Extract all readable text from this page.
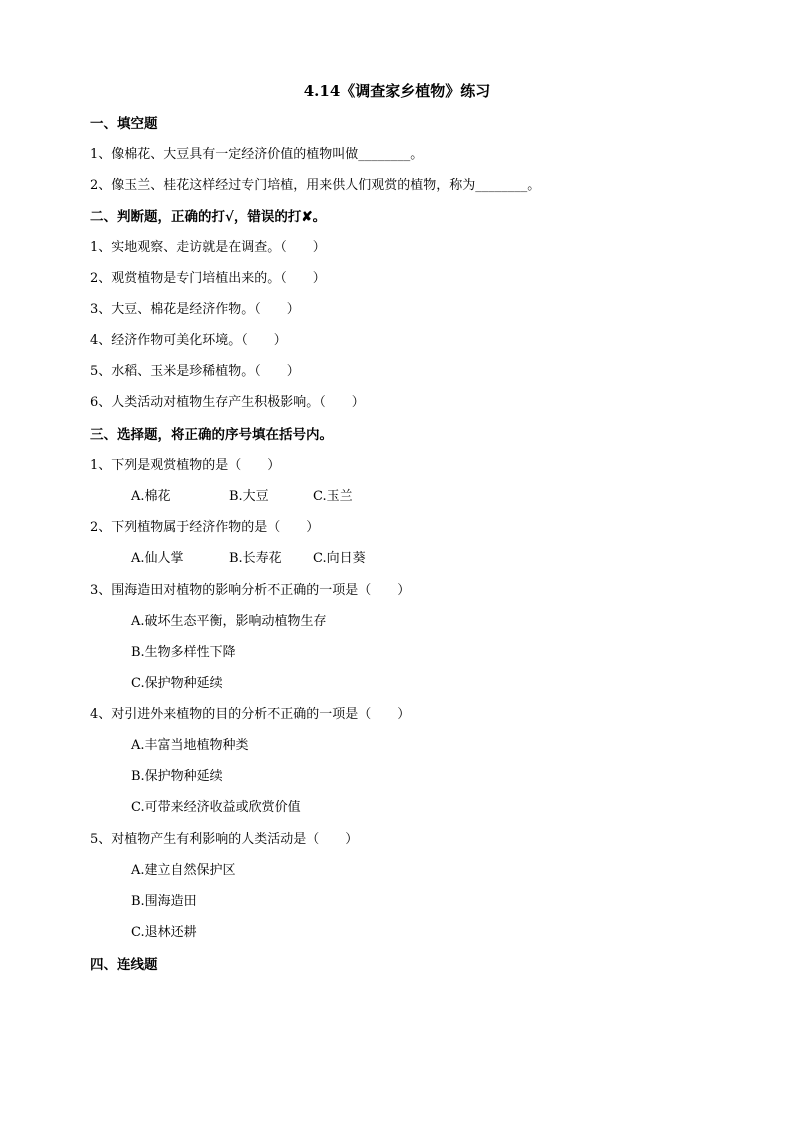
4.14《调查家乡植物》练习
一、填空题
1、像棉花、大豆具有一定经济价值的植物叫做________。
2、像玉兰、桂花这样经过专门培植，用来供人们观赏的植物，称为________。
二、判断题，正确的打√，错误的打✘。
1、实地观察、走访就是在调查。（　　）
2、观赏植物是专门培植出来的。（　　）
3、大豆、棉花是经济作物。（　　）
4、经济作物可美化环境。（　　）
5、水稻、玉米是珍稀植物。（　　）
6、人类活动对植物生存产生积极影响。（　　）
三、选择题，将正确的序号填在括号内。
1、下列是观赏植物的是（　　）
A.棉花	B.大豆	C.玉兰
2、下列植物属于经济作物的是（　　）
A.仙人掌	B.长寿花 C.向日葵
3、围海造田对植物的影响分析不正确的一项是（　　）
A.破坏生态平衡，影响动植物生存
B.生物多样性下降
C.保护物种延续
4、对引进外来植物的目的分析不正确的一项是（　　）
A.丰富当地植物种类
B.保护物种延续
C.可带来经济收益或欣赏价值
5、对植物产生有利影响的人类活动是（　　）
A.建立自然保护区
B.围海造田
C.退林还耕
四、连线题
